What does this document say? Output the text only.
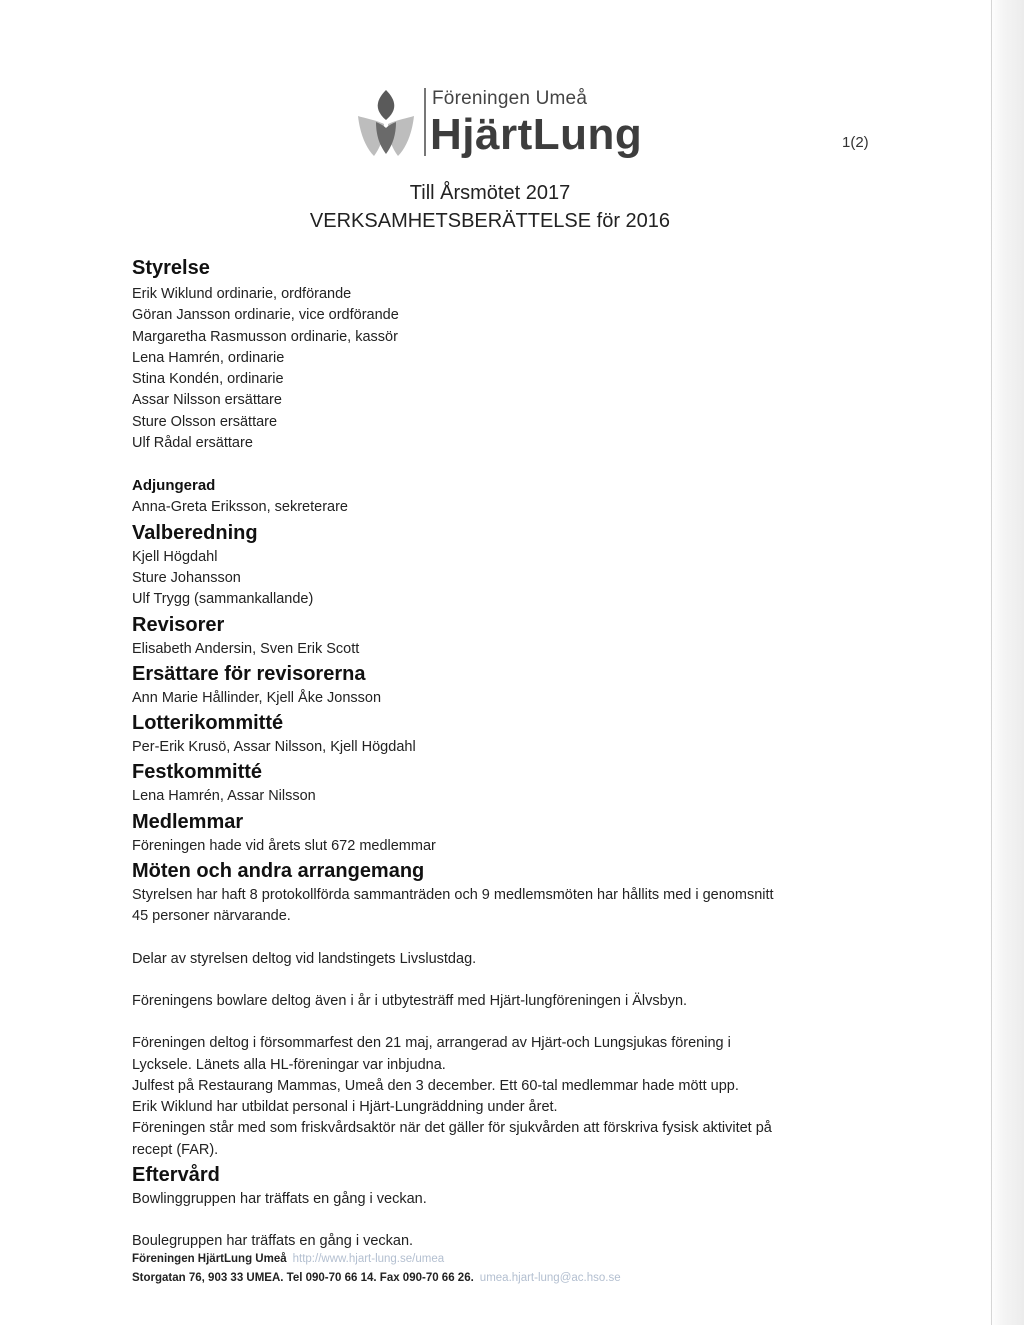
Föreningen Umeå
HjärtLung	1(2)
Till Årsmötet 2017
VERKSAMHETSBERÄTTELSE för 2016
Styrelse

Erik Wiklund ordinarie, ordförande

Göran Jansson ordinarie, vice ordförande

Margaretha Rasmusson ordinarie, kassör

Lena Hamrén, ordinarie

Stina Kondén, ordinarie

Assar Nilsson ersättare

Sture Olsson ersättare

Ulf Rådal ersättare

Adjungerad

Anna-Greta Eriksson, sekreterare

Valberedning

Kjell Högdahl

Sture Johansson

Ulf Trygg (sammankallande)

Revisorer

Elisabeth Andersin, Sven Erik Scott

Ersättare för revisorerna

Ann Marie Hållinder, Kjell Åke Jonsson

Lotterikommitté

Per-Erik Krusö, Assar Nilsson, Kjell Högdahl

Festkommitté

Lena Hamrén, Assar Nilsson

Medlemmar

Föreningen hade vid årets slut 672 medlemmar

Möten och andra arrangemang

Styrelsen har haft 8 protokollförda sammanträden och 9 medlemsmöten har hållits med i genomsnitt

45 personer närvarande.

Delar av styrelsen deltog vid landstingets Livslustdag.

Föreningens bowlare deltog även i år i utbytesträff med Hjärt-lungföreningen i Älvsbyn.

Föreningen deltog i försommarfest den 21 maj, arrangerad av Hjärt-och Lungsjukas förening i

Lycksele. Länets alla HL-föreningar var inbjudna.

Julfest på Restaurang Mammas, Umeå den 3 december. Ett 60-tal medlemmar hade mött upp.

Erik Wiklund har utbildat personal i Hjärt-Lungräddning under året.

Föreningen står med som friskvårdsaktör när det gäller för sjukvården att förskriva fysisk aktivitet på

recept (FAR).

Eftervård

Bowlinggruppen har träffats en gång i veckan.

Boulegruppen har träffats en gång i veckan.

Föreningen HjärtLung Umeå http://www.hjart-lung.se/umea
Storgatan 76, 903 33 UMEA. Tel 090-70 66 14. Fax 090-70 66 26. umea.hjart-lung@ac.hso.se
